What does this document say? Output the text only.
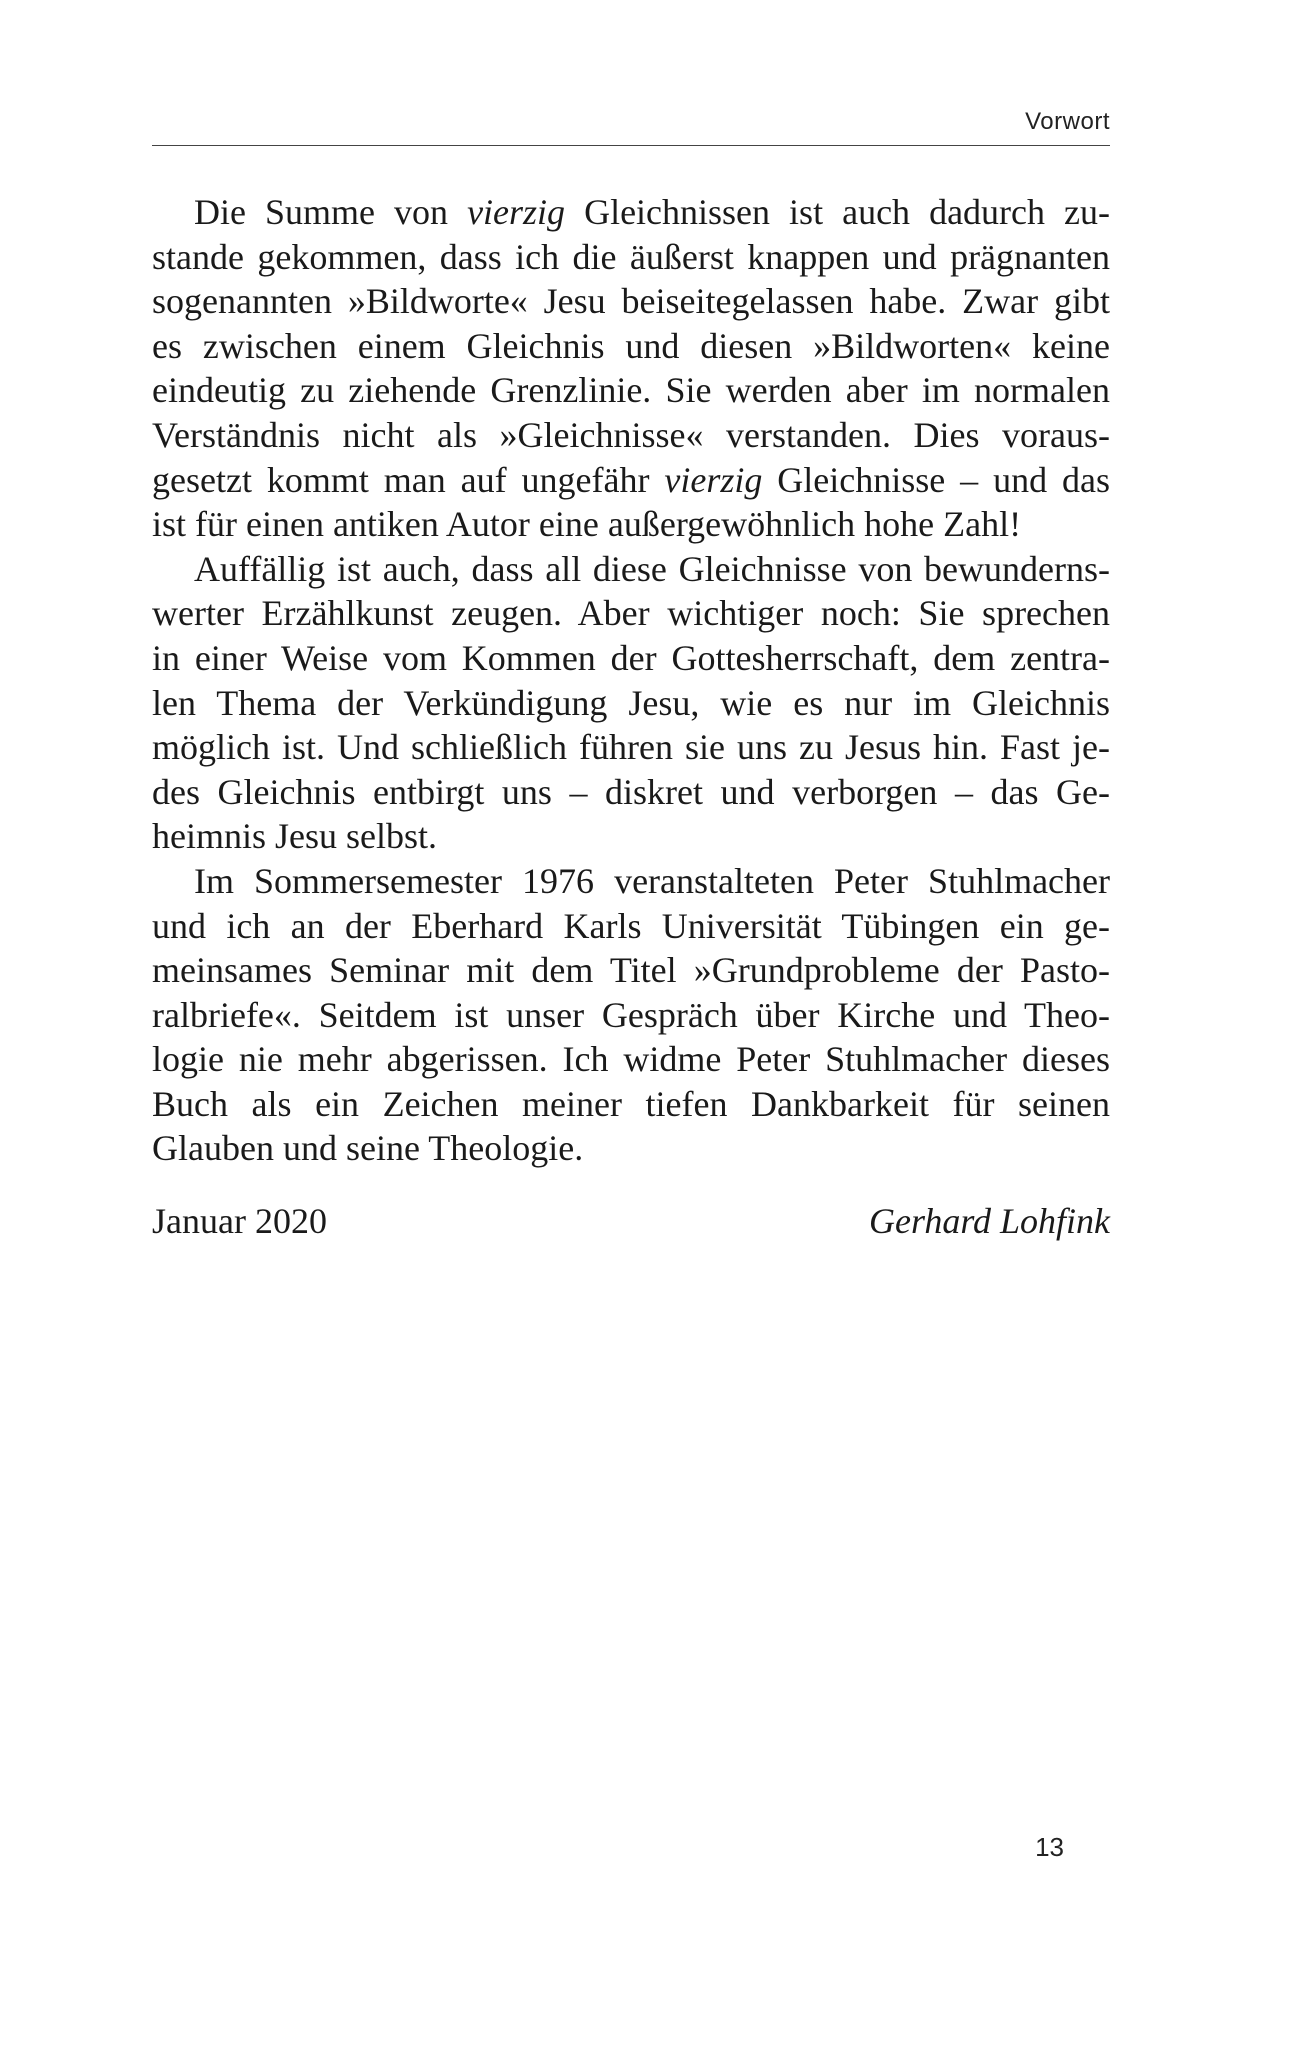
Vorwort
Die Summe von vierzig Gleichnissen ist auch dadurch zu-
stande gekommen, dass ich die äußerst knappen und prägnanten
sogenannten »Bildworte« Jesu beiseitegelassen habe. Zwar gibt
es zwischen einem Gleichnis und diesen »Bildworten« keine
eindeutig zu ziehende Grenzlinie. Sie werden aber im normalen
Verständnis nicht als »Gleichnisse« verstanden. Dies voraus-
gesetzt kommt man auf ungefähr vierzig Gleichnisse – und das
ist für einen antiken Autor eine außergewöhnlich hohe Zahl!
Auffällig ist auch, dass all diese Gleichnisse von bewunderns-
werter Erzählkunst zeugen. Aber wichtiger noch: Sie sprechen
in einer Weise vom Kommen der Gottesherrschaft, dem zentra-
len Thema der Verkündigung Jesu, wie es nur im Gleichnis
möglich ist. Und schließlich führen sie uns zu Jesus hin. Fast je-
des Gleichnis entbirgt uns – diskret und verborgen – das Ge-
heimnis Jesu selbst.
Im Sommersemester 1976 veranstalteten Peter Stuhlmacher
und ich an der Eberhard Karls Universität Tübingen ein ge-
meinsames Seminar mit dem Titel »Grundprobleme der Pasto-
ralbriefe«. Seitdem ist unser Gespräch über Kirche und Theo-
logie nie mehr abgerissen. Ich widme Peter Stuhlmacher dieses
Buch als ein Zeichen meiner tiefen Dankbarkeit für seinen
Glauben und seine Theologie.
Januar 2020	Gerhard Lohfink
13
